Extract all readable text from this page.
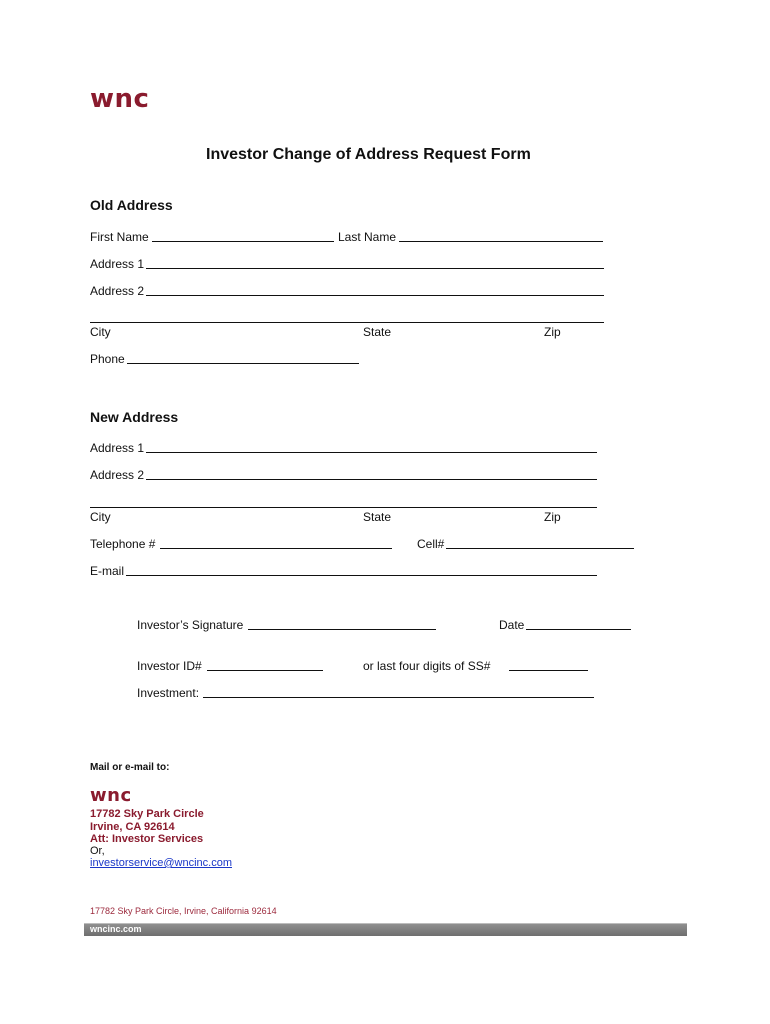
wnc
Investor Change of Address Request Form
Old Address
First Name	Last Name
Address 1
Address 2
City	State	Zip
Phone
New Address
Address 1
Address 2
City	State	Zip
Telephone #	Cell#
E-mail
Investor’s Signature	Date
Investor ID#	or last four digits of SS#
Investment:
Mail or e-mail to:
wnc
17782 Sky Park Circle
Irvine, CA 92614
Att: Investor Services
Or,
investorservice@wncinc.com
17782 Sky Park Circle, Irvine, California 92614
wncinc.com
